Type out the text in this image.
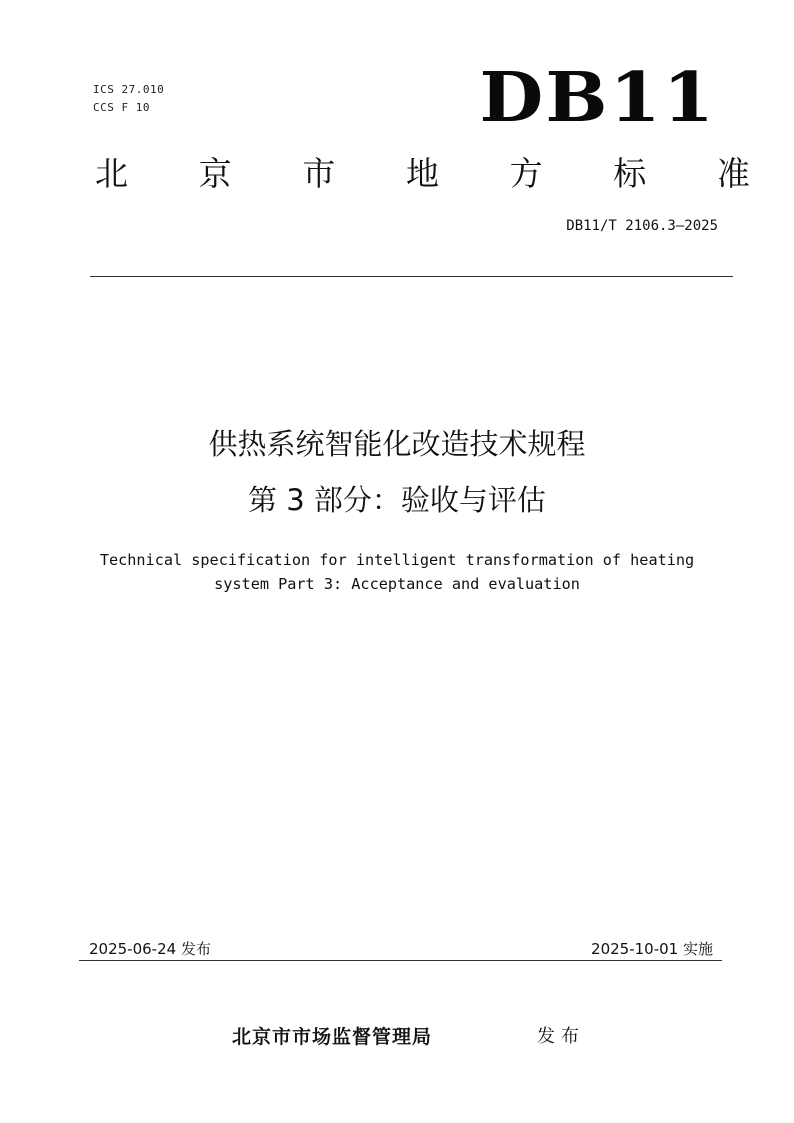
ICS 27.010
CCS F 10	DB11
北 京 市 地 方 标 准
DB11/T 2106.3—2025
供热系统智能化改造技术规程
第 3 部分：验收与评估
Technical specification for intelligent transformation of heating
system Part 3: Acceptance and evaluation
2025-06-24 发布	2025-10-01 实施
北京市市场监督管理局	发布
